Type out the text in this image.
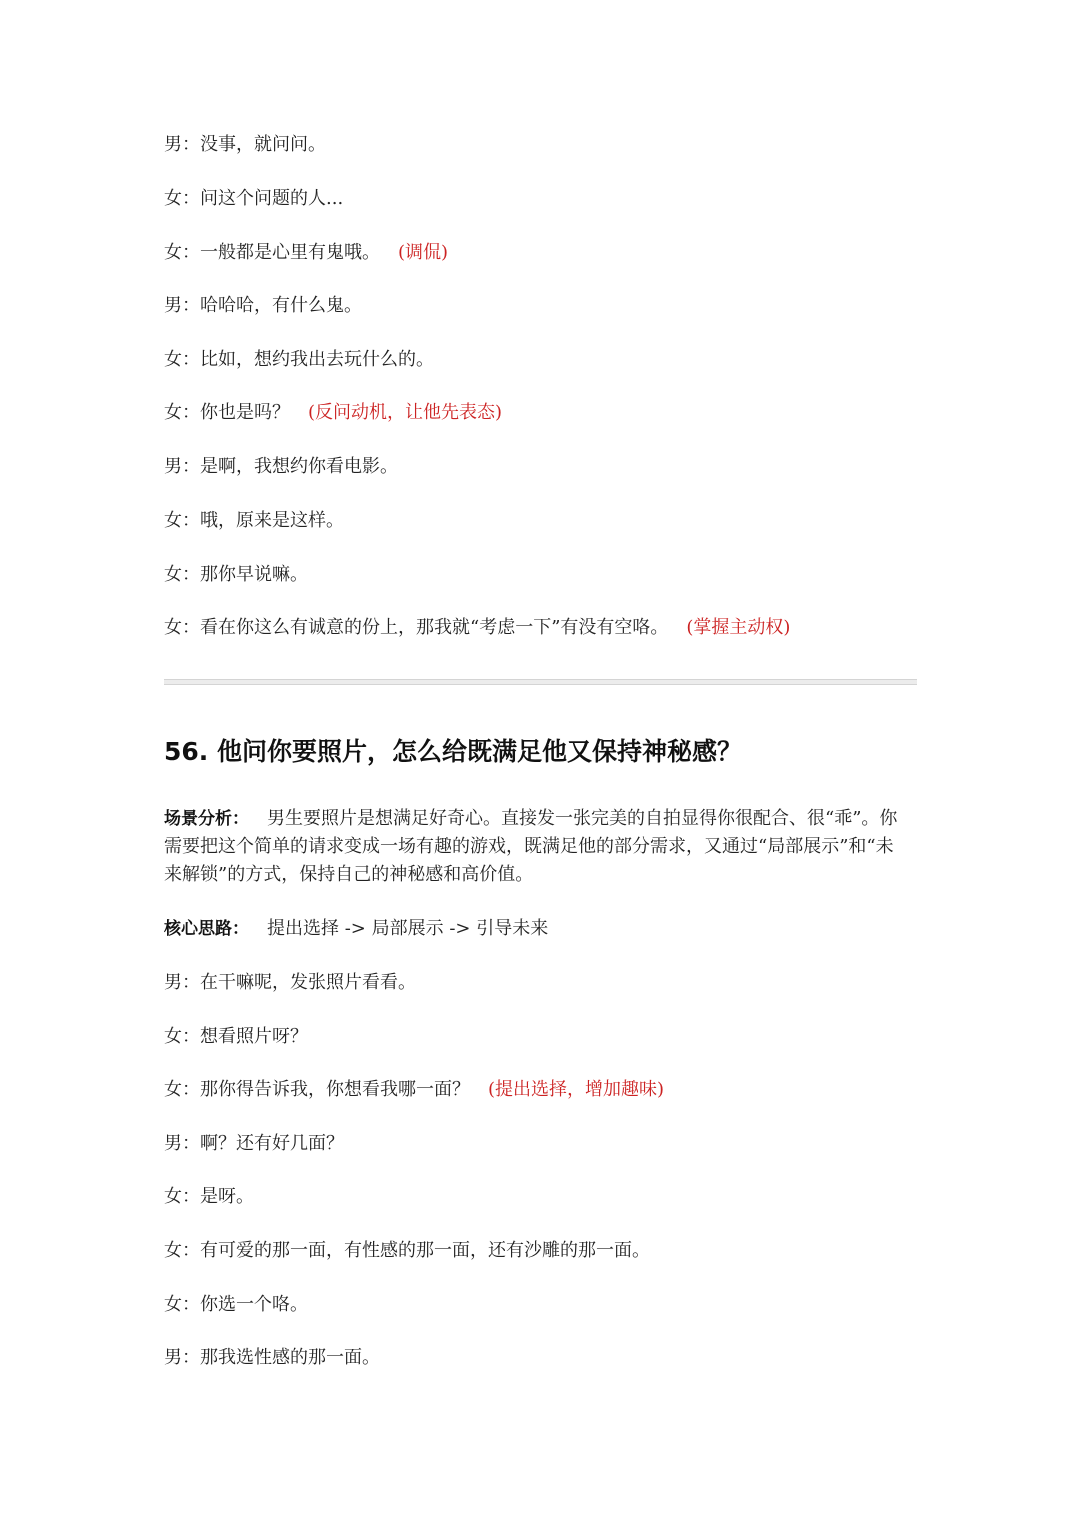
男：没事，就问问。
女：问这个问题的人...
女：一般都是心里有鬼哦。 (调侃)
男：哈哈哈，有什么鬼。
女：比如，想约我出去玩什么的。
女：你也是吗？ (反问动机，让他先表态)
男：是啊，我想约你看电影。
女：哦，原来是这样。
女：那你早说嘛。
女：看在你这么有诚意的份上，那我就“考虑一下”有没有空咯。 (掌握主动权)
56. 他问你要照片，怎么给既满足他又保持神秘感？
场景分析： 男生要照片是想满足好奇心。直接发一张完美的自拍显得你很配合、很“乖”。你需要把这个简单的请求变成一场有趣的游戏，既满足他的部分需求，又通过“局部展示”和“未来解锁”的方式，保持自己的神秘感和高价值。
核心思路： 提出选择 -> 局部展示 -> 引导未来
男：在干嘛呢，发张照片看看。
女：想看照片呀？
女：那你得告诉我，你想看我哪一面？ (提出选择，增加趣味)
男：啊？还有好几面？
女：是呀。
女：有可爱的那一面，有性感的那一面，还有沙雕的那一面。
女：你选一个咯。
男：那我选性感的那一面。
